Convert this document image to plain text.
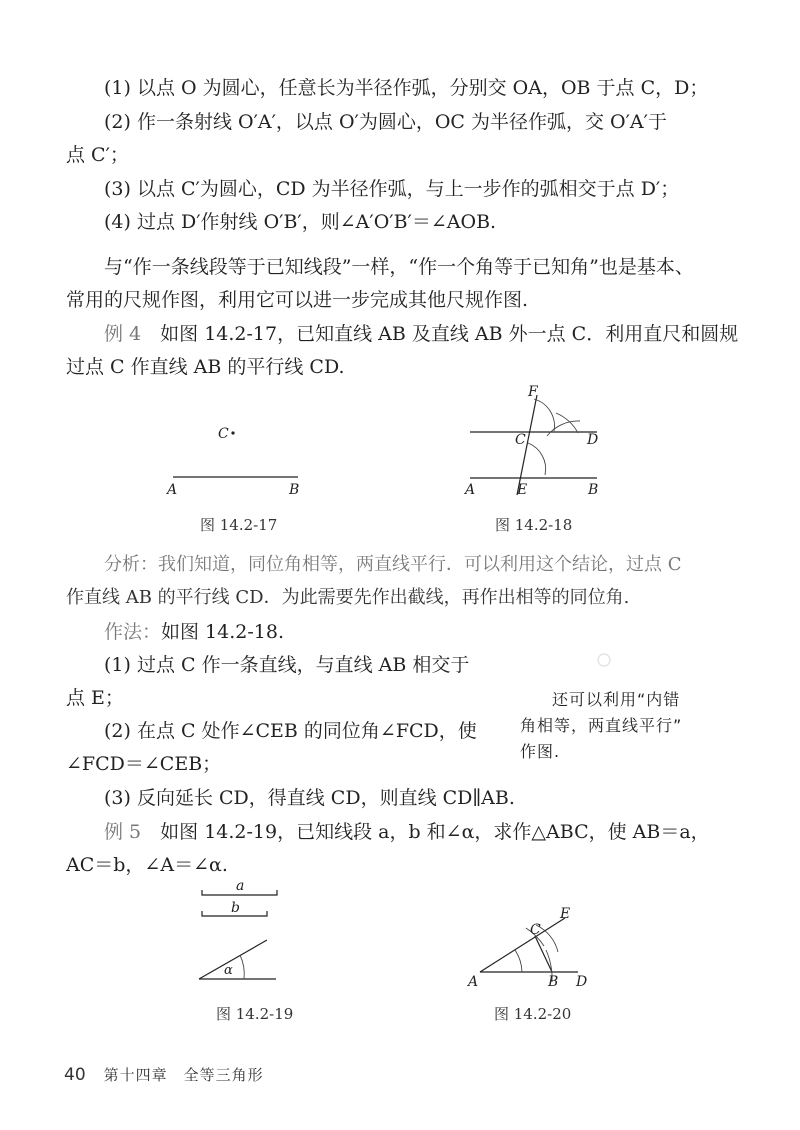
(1) 以点 O 为圆心，任意长为半径作弧，分别交 OA，OB 于点 C，D；
(2) 作一条射线 O′A′，以点 O′为圆心，OC 为半径作弧，交 O′A′于
点 C′；
(3) 以点 C′为圆心，CD 为半径作弧，与上一步作的弧相交于点 D′；
(4) 过点 D′作射线 O′B′，则∠A′O′B′＝∠AOB.
与“作一条线段等于已知线段”一样，“作一个角等于已知角”也是基本、
常用的尺规作图，利用它可以进一步完成其他尺规作图.
例 4　 如图 14.2-17，已知直线 AB 及直线 AB 外一点 C．利用直尺和圆规
过点 C 作直线 AB 的平行线 CD.
C
A	B
图 14.2-17
F
C	D
A	E	B
图 14.2-18
分析：我们知道，同位角相等，两直线平行．可以利用这个结论，过点 C
作直线 AB 的平行线 CD．为此需要先作出截线，再作出相等的同位角.
作法：如图 14.2-18.
(1) 过点 C 作一条直线，与直线 AB 相交于
点 E；
(2) 在点 C 处作∠CEB 的同位角∠FCD，使
∠FCD＝∠CEB；
(3) 反向延长 CD，得直线 CD，则直线 CD∥AB.
还可以利用“内错
角相等，两直线平行”
作图.
例 5　 如图 14.2-19，已知线段 a，b 和∠α，求作△ABC，使 AB＝a，
AC＝b，∠A＝∠α.
a
b
α
图 14.2-19
E
C
A	B D
图 14.2-20
40 第十四章　全等三角形
